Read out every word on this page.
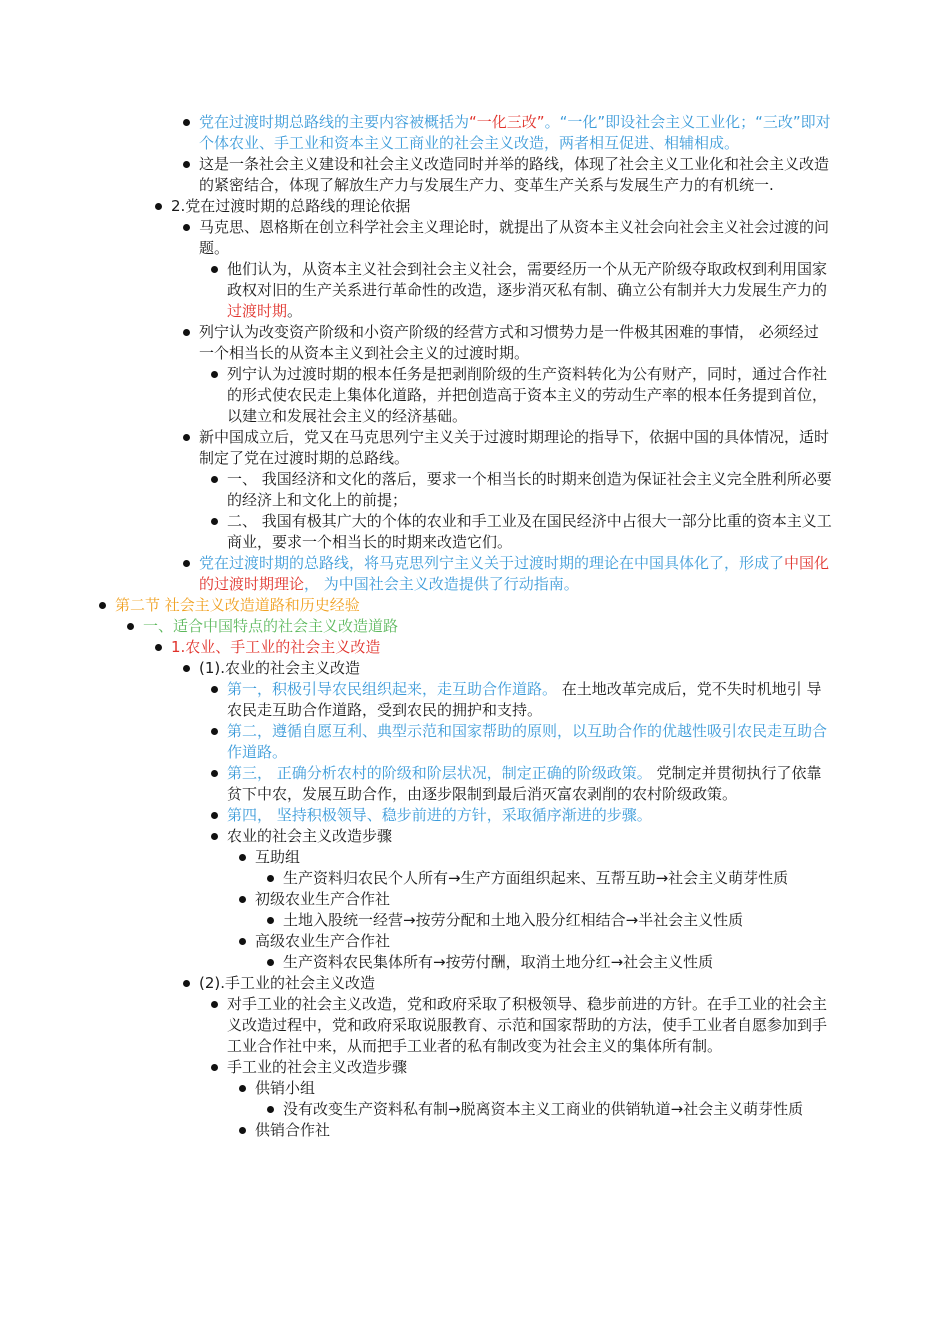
党在过渡时期总路线的主要内容被概括为“一化三改”。“一化”即设社会主义工业化；“三改”即对个体农业、手工业和资本主义工商业的社会主义改造，两者相互促进、相辅相成。
这是一条社会主义建设和社会主义改造同时并举的路线，体现了社会主义工业化和社会主义改造的紧密结合，体现了解放生产力与发展生产力、变革生产关系与发展生产力的有机统一.
2.党在过渡时期的总路线的理论依据
马克思、恩格斯在创立科学社会主义理论时，就提出了从资本主义社会向社会主义社会过渡的问题。
他们认为，从资本主义社会到社会主义社会，需要经历一个从无产阶级夺取政权到利用国家政权对旧的生产关系进行革命性的改造，逐步消灭私有制、确立公有制并大力发展生产力的过渡时期。
列宁认为改变资产阶级和小资产阶级的经营方式和习惯势力是一件极其困难的事情， 必须经过一个相当长的从资本主义到社会主义的过渡时期。
列宁认为过渡时期的根本任务是把剥削阶级的生产资料转化为公有财产，同时，通过合作社的形式使农民走上集体化道路，并把创造高于资本主义的劳动生产率的根本任务提到首位，以建立和发展社会主义的经济基础。
新中国成立后，党又在马克思列宁主义关于过渡时期理论的指导下，依据中国的具体情况，适时制定了党在过渡时期的总路线。
一、 我国经济和文化的落后，要求一个相当长的时期来创造为保证社会主义完全胜利所必要的经济上和文化上的前提；
二、 我国有极其广大的个体的农业和手工业及在国民经济中占很大一部分比重的资本主义工商业，要求一个相当长的时期来改造它们。
党在过渡时期的总路线，将马克思列宁主义关于过渡时期的理论在中国具体化了，形成了中国化的过渡时期理论， 为中国社会主义改造提供了行动指南。
第二节 社会主义改造道路和历史经验
一、适合中国特点的社会主义改造道路
1.农业、手工业的社会主义改造
(1).农业的社会主义改造
第一，积极引导农民组织起来，走互助合作道路。 在土地改革完成后，党不失时机地引 导农民走互助合作道路，受到农民的拥护和支持。
第二，遵循自愿互利、典型示范和国家帮助的原则，以互助合作的优越性吸引农民走互助合作道路。
第三， 正确分析农村的阶级和阶层状况，制定正确的阶级政策。 党制定并贯彻执行了依靠贫下中农，发展互助合作，由逐步限制到最后消灭富农剥削的农村阶级政策。
第四， 坚持积极领导、稳步前进的方针，采取循序渐进的步骤。
农业的社会主义改造步骤
互助组
生产资料归农民个人所有→生产方面组织起来、互帮互助→社会主义萌芽性质
初级农业生产合作社
土地入股统一经营→按劳分配和土地入股分红相结合→半社会主义性质
高级农业生产合作社
生产资料农民集体所有→按劳付酬，取消土地分红→社会主义性质
(2).手工业的社会主义改造
对手工业的社会主义改造，党和政府采取了积极领导、稳步前进的方针。在手工业的社会主义改造过程中，党和政府采取说服教育、示范和国家帮助的方法，使手工业者自愿参加到手工业合作社中来，从而把手工业者的私有制改变为社会主义的集体所有制。
手工业的社会主义改造步骤
供销小组
没有改变生产资料私有制→脱离资本主义工商业的供销轨道→社会主义萌芽性质
供销合作社
